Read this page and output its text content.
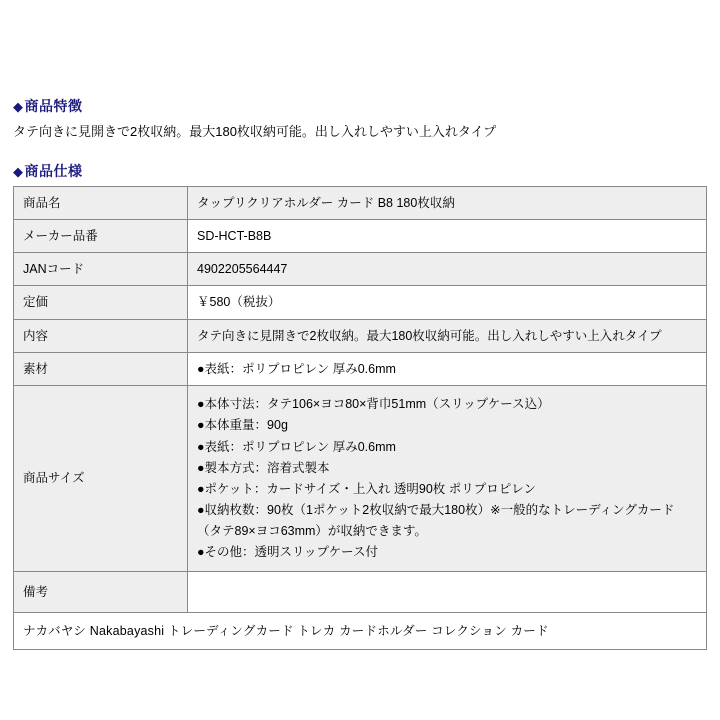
◆商品特徴
タテ向きに見開きで2枚収納。最大180枚収納可能。出し入れしやすい上入れタイプ
◆商品仕様
商品名	タップリクリアホルダー カード B8 180枚収納

メーカー品番	SD-HCT-B8B

JANコード	4902205564447

定価	￥580（税抜）

内容	タテ向きに見開きで2枚収納。最大180枚収納可能。出し入れしやすい上入れタイプ

素材	●表紙：ポリプロピレン 厚み0.6mm

商品サイズ	
●本体寸法：タテ106×ヨコ80×背巾51mm（スリップケース込）
●本体重量：90g
●表紙：ポリプロピレン 厚み0.6mm
●製本方式：溶着式製本
●ポケット：カードサイズ・上入れ 透明90枚 ポリプロピレン
●収納枚数：90枚（1ポケット2枚収納で最大180枚）※一般的なトレーディングカード
（タテ89×ヨコ63mm）が収納できます。
●その他：透明スリップケース付

備考	

ナカバヤシ Nakabayashi トレーディングカード トレカ カードホルダー コレクション カード	
